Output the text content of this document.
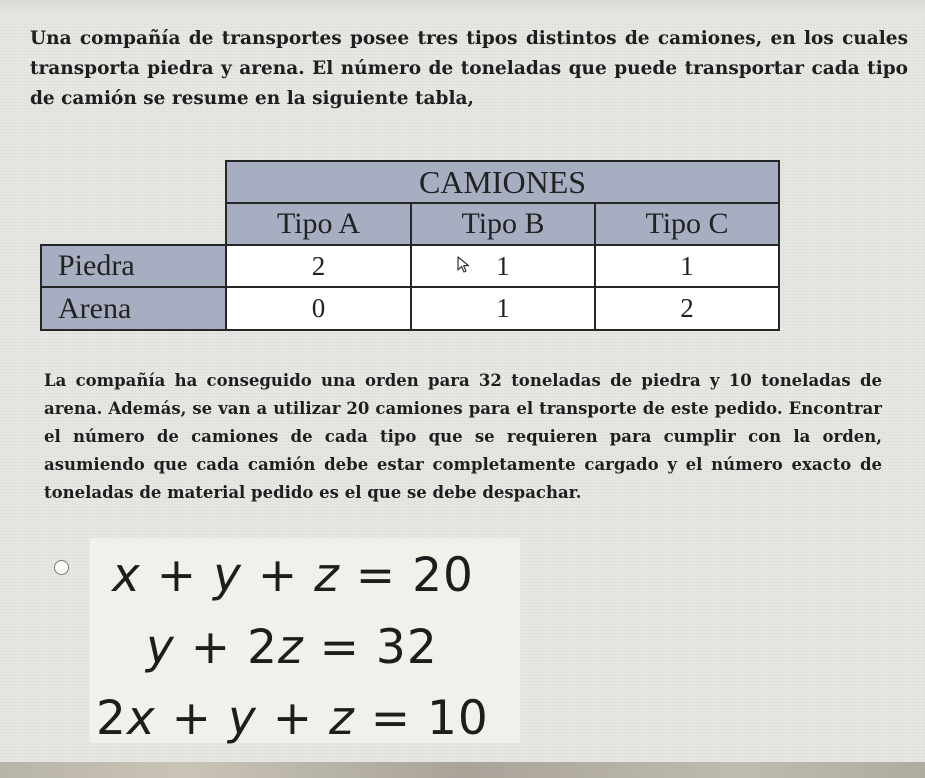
Una compañía de transportes posee tres tipos distintos de camiones, en los cuales transporta piedra y arena. El número de toneladas que puede transportar cada tipo de camión se resume en la siguiente tabla,

CAMIONES
Tipo A	Tipo B	Tipo C
Piedra	2	1	1
Arena	0	1	2

La compañía ha conseguido una orden para 32 toneladas de piedra y 10 toneladas de arena. Además, se van a utilizar 20 camiones para el transporte de este pedido. Encontrar el número de camiones de cada tipo que se requieren para cumplir con la orden, asumiendo que cada camión debe estar completamente cargado y el número exacto de toneladas de material pedido es el que se debe despachar.

x + y + z = 20
y + 2z = 32
2x + y + z = 10
